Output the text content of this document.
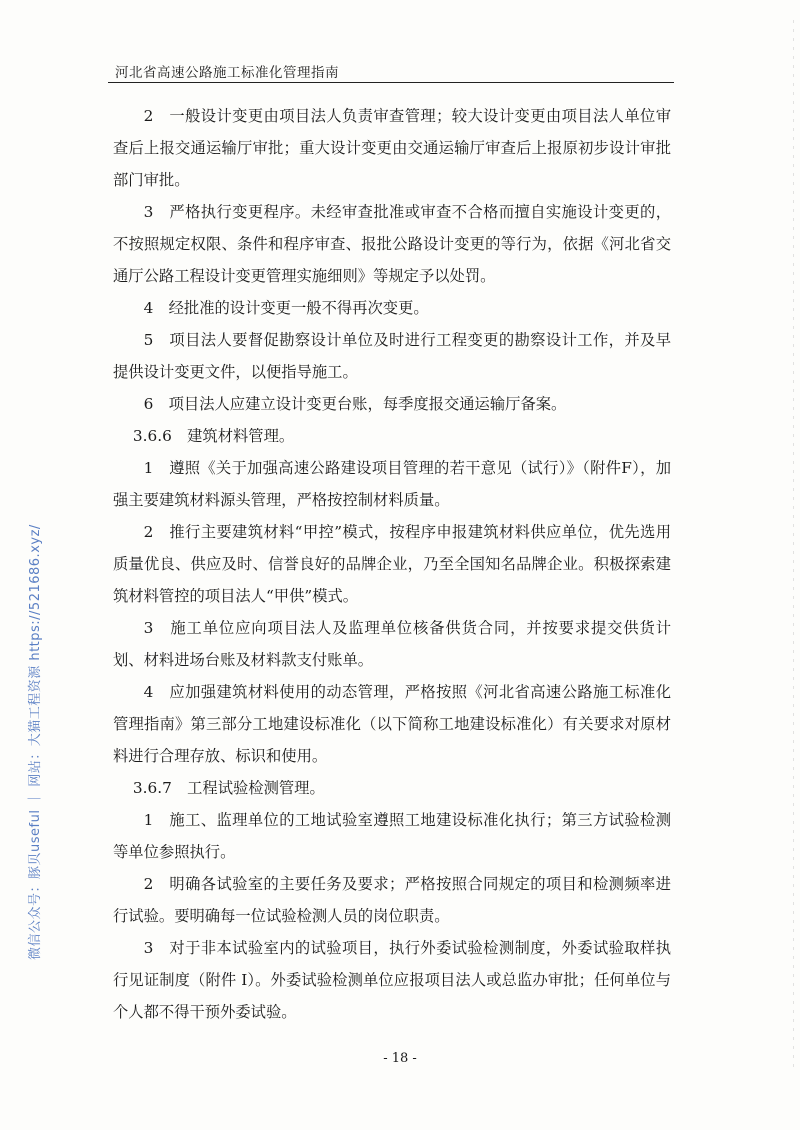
河北省高速公路施工标准化管理指南

2　一般设计变更由项目法人负责审查管理；较大设计变更由项目法人单位审查后上报交通运输厅审批；重大设计变更由交通运输厅审查后上报原初步设计审批部门审批。

3　严格执行变更程序。未经审查批准或审查不合格而擅自实施设计变更的，不按照规定权限、条件和程序审查、报批公路设计变更的等行为，依据《河北省交通厅公路工程设计变更管理实施细则》等规定予以处罚。

4　经批准的设计变更一般不得再次变更。

5　项目法人要督促勘察设计单位及时进行工程变更的勘察设计工作，并及早提供设计变更文件，以便指导施工。

6　项目法人应建立设计变更台账，每季度报交通运输厅备案。

3.6.6　建筑材料管理。

1　遵照《关于加强高速公路建设项目管理的若干意见（试行）》（附件F），加强主要建筑材料源头管理，严格按控制材料质量。

2　推行主要建筑材料“甲控”模式，按程序申报建筑材料供应单位，优先选用质量优良、供应及时、信誉良好的品牌企业，乃至全国知名品牌企业。积极探索建筑材料管控的项目法人“甲供”模式。

3　施工单位应向项目法人及监理单位核备供货合同，并按要求提交供货计划、材料进场台账及材料款支付账单。

4　应加强建筑材料使用的动态管理，严格按照《河北省高速公路施工标准化管理指南》第三部分工地建设标准化（以下简称工地建设标准化）有关要求对原材料进行合理存放、标识和使用。

3.6.7　工程试验检测管理。

1　施工、监理单位的工地试验室遵照工地建设标准化执行；第三方试验检测等单位参照执行。

2　明确各试验室的主要任务及要求；严格按照合同规定的项目和检测频率进行试验。要明确每一位试验检测人员的岗位职责。

3　对于非本试验室内的试验项目，执行外委试验检测制度，外委试验取样执行见证制度（附件 I）。外委试验检测单位应报项目法人或总监办审批；任何单位与个人都不得干预外委试验。

- 18 -
微信公众号：豚贝useful ｜ 网站：大猫工程资源 https://521686.xyz/
